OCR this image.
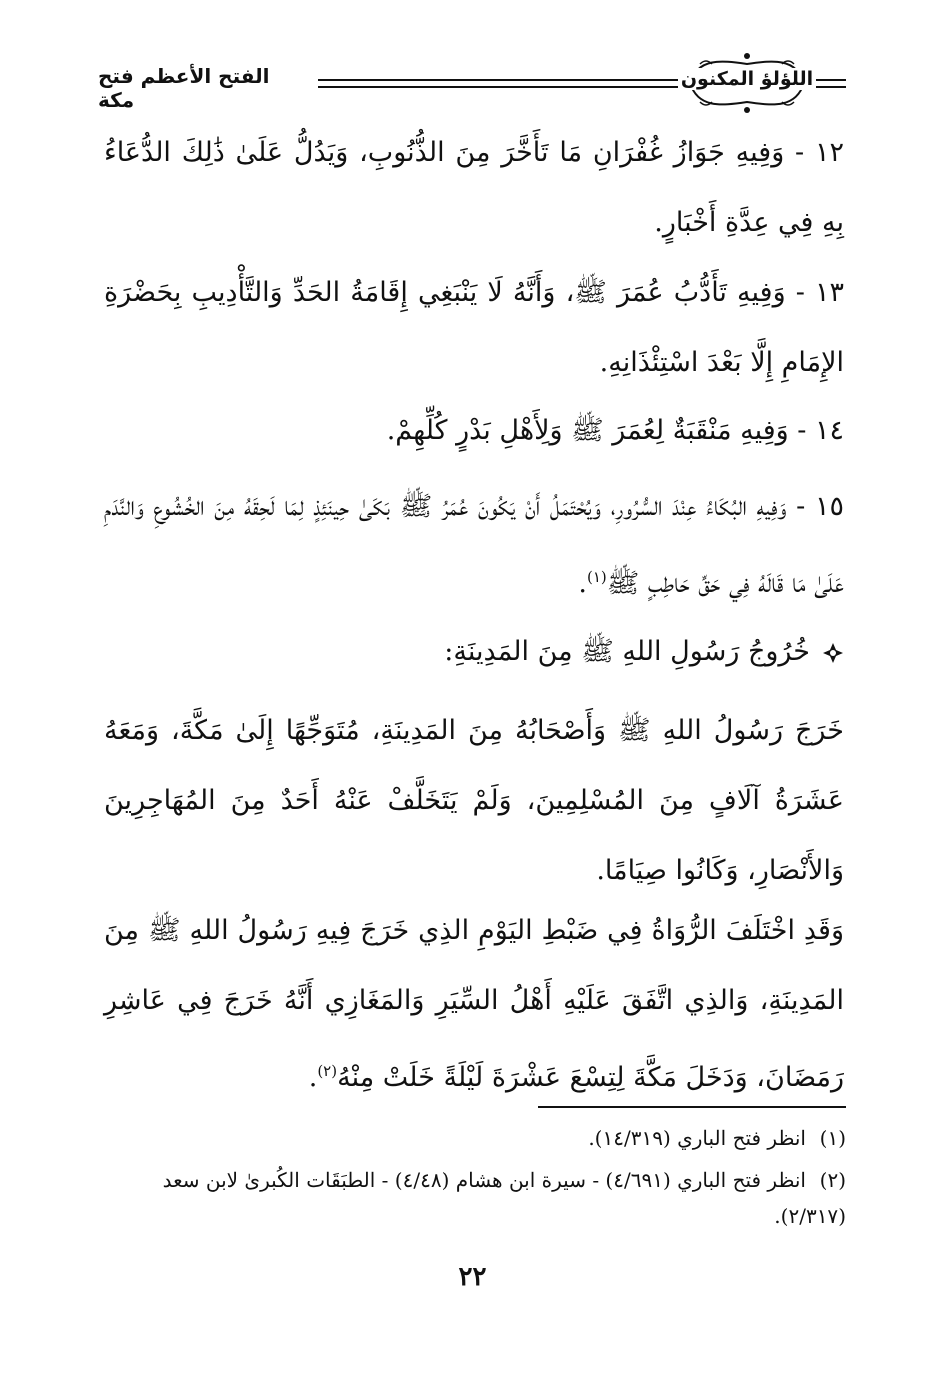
الفتح الأعظم فتح مكة
اللؤلؤ المكنون
١٢ - وَفِيهِ جَوَازُ غُفْرَانِ مَا تَأَخَّرَ مِنَ الذُّنُوبِ، وَيَدُلُّ عَلَىٰ ذَٰلِكَ الدُّعَاءُ بِهِ فِي عِدَّةِ أَخْبَارٍ.
١٣ - وَفِيهِ تَأَدُّبُ عُمَرَ ﷺ، وَأَنَّهُ لَا يَنْبَغِي إِقَامَةُ الحَدِّ وَالتَّأْدِيبِ بِحَضْرَةِ الإِمَامِ إِلَّا بَعْدَ اسْتِئْذَانِهِ.
١٤ - وَفِيهِ مَنْقَبَةٌ لِعُمَرَ ﷺ وَلِأَهْلِ بَدْرٍ كُلِّهِمْ.
١٥ - وَفِيهِ البُكَاءُ عِنْدَ السُّرُورِ، وَيُحْتَمَلُ أَنْ يَكُونَ عُمَرُ ﷺ بَكَىٰ حِينَئِذٍ لِمَا لَحِقَهُ مِنَ الخُشُوعِ وَالنَّدَمِ عَلَىٰ مَا قَالَهُ فِي حَقِّ حَاطِبٍ ﷺ$^{(١)}$.
خُرُوجُ رَسُولِ اللهِ ﷺ مِنَ المَدِينَةِ:
خَرَجَ رَسُولُ اللهِ ﷺ وَأَصْحَابُهُ مِنَ المَدِينَةِ، مُتَوَجِّهًا إِلَىٰ مَكَّةَ، وَمَعَهُ عَشَرَةُ آلَافٍ مِنَ المُسْلِمِينَ، وَلَمْ يَتَخَلَّفْ عَنْهُ أَحَدٌ مِنَ المُهَاجِرِينَ وَالأَنْصَارِ، وَكَانُوا صِيَامًا.
وَقَدِ اخْتَلَفَ الرُّوَاةُ فِي ضَبْطِ اليَوْمِ الذِي خَرَجَ فِيهِ رَسُولُ اللهِ ﷺ مِنَ المَدِينَةِ، وَالذِي اتَّفَقَ عَلَيْهِ أَهْلُ السِّيَرِ وَالمَغَازِي أَنَّهُ خَرَجَ فِي عَاشِرِ رَمَضَانَ، وَدَخَلَ مَكَّةَ لِتِسْعَ عَشْرَةَ لَيْلَةً خَلَتْ مِنْهُ$^{(٢)}$.
(١)انظر فتح الباري (١٤/٣١٩).
(٢)انظر فتح الباري (٤/٦٩١) - سيرة ابن هشام (٤/٤٨) - الطبَقَات الكُبرىٰ لابن سعد (٢/٣١٧).
٢٢
